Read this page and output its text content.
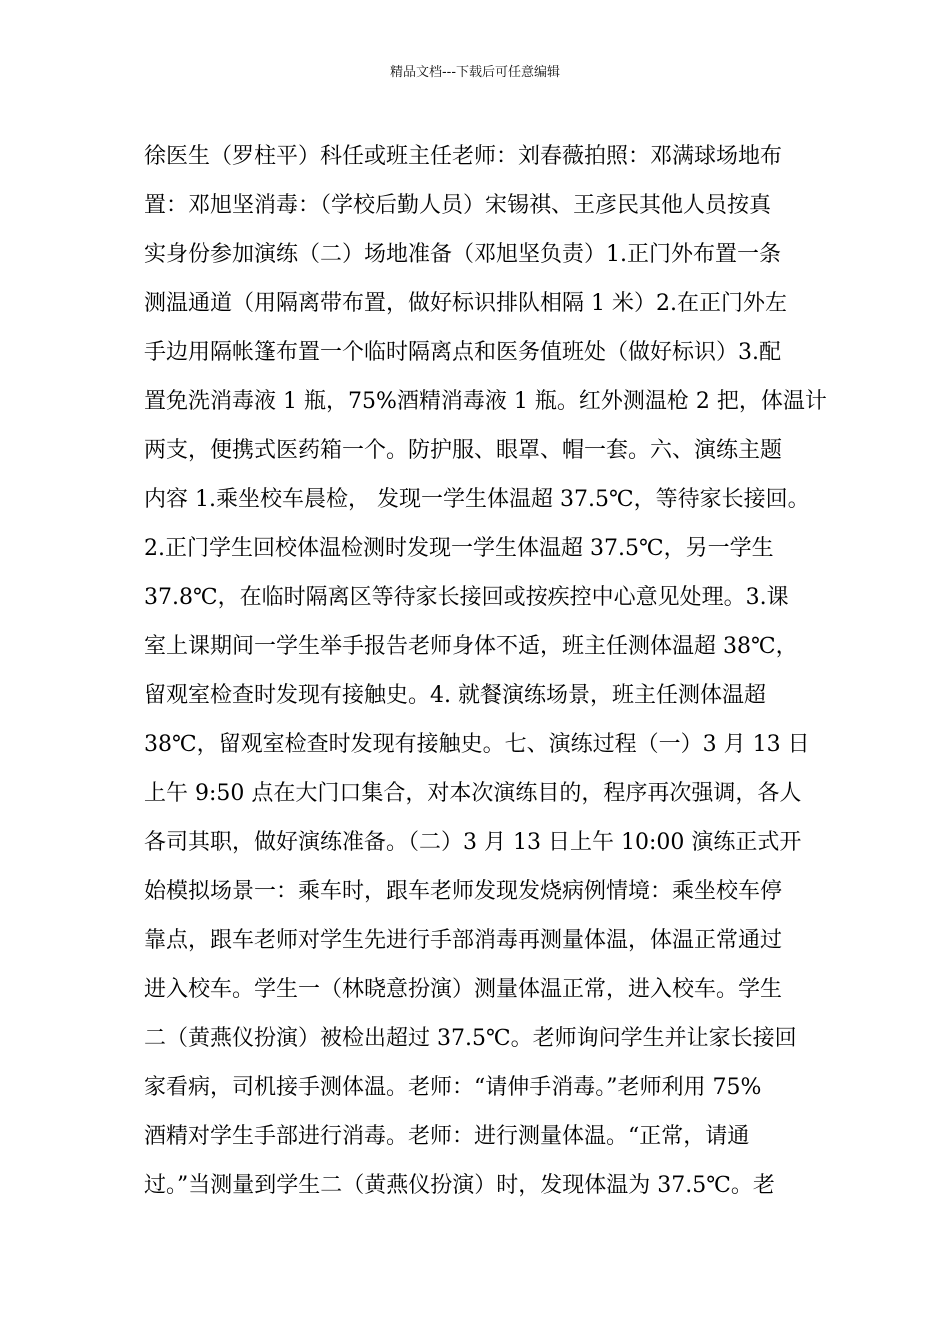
精品文档---下载后可任意编辑
徐医生（罗柱平）科任或班主任老师：刘春薇拍照：邓满球场地布
置：邓旭坚消毒：（学校后勤人员）宋锡祺、王彦民其他人员按真
实身份参加演练（二）场地准备（邓旭坚负责）1.正门外布置一条
测温通道（用隔离带布置，做好标识排队相隔 1 米）2.在正门外左
手边用隔帐篷布置一个临时隔离点和医务值班处（做好标识）3.配
置免洗消毒液 1 瓶，75%酒精消毒液 1 瓶。红外测温枪 2 把，体温计
两支，便携式医药箱一个。防护服、眼罩、帽一套。六、演练主题
内容 1.乘坐校车晨检， 发现一学生体温超 37.5℃，等待家长接回。
2.正门学生回校体温检测时发现一学生体温超 37.5℃，另一学生
37.8℃，在临时隔离区等待家长接回或按疾控中心意见处理。3.课
室上课期间一学生举手报告老师身体不适，班主任测体温超 38℃，
留观室检查时发现有接触史。4. 就餐演练场景，班主任测体温超
38℃，留观室检查时发现有接触史。七、演练过程（一）3 月 13 日
上午 9:50 点在大门口集合，对本次演练目的，程序再次强调，各人
各司其职，做好演练准备。（二）3 月 13 日上午 10:00 演练正式开
始模拟场景一：乘车时，跟车老师发现发烧病例情境：乘坐校车停
靠点，跟车老师对学生先进行手部消毒再测量体温，体温正常通过
进入校车。学生一（林晓意扮演）测量体温正常，进入校车。学生
二（黄燕仪扮演）被检出超过 37.5℃。老师询问学生并让家长接回
家看病，司机接手测体温。老师：“请伸手消毒。”老师利用 75%
酒精对学生手部进行消毒。老师：进行测量体温。“正常，请通
过。”当测量到学生二（黄燕仪扮演）时，发现体温为 37.5℃。老
